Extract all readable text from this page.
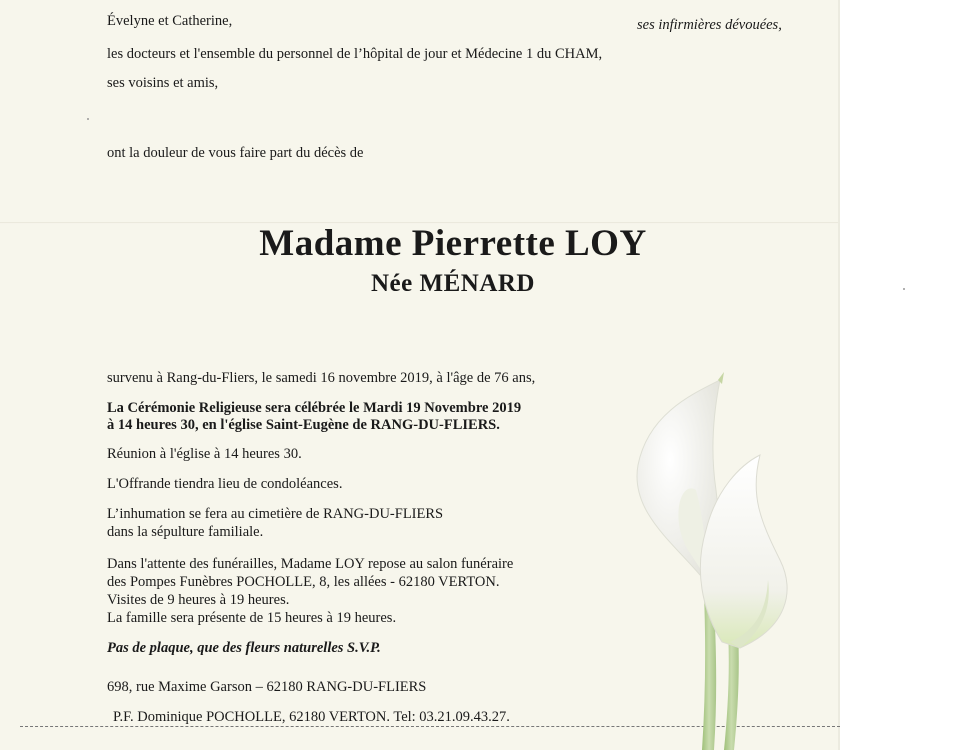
Évelyne et Catherine,	ses infirmières dévouées,
les docteurs et l'ensemble du personnel de l’hôpital de jour et Médecine 1 du CHAM,
ses voisins et amis,
ont la douleur de vous faire part du décès de
Madame Pierrette LOY
Née MÉNARD
survenu à Rang-du-Fliers, le samedi 16 novembre 2019, à l'âge de 76 ans,
La Cérémonie Religieuse sera célébrée le Mardi 19 Novembre 2019
à 14 heures 30, en l'église Saint-Eugène de RANG-DU-FLIERS.
Réunion à l'église à 14 heures 30.
L'Offrande tiendra lieu de condoléances.
L’inhumation se fera au cimetière de RANG-DU-FLIERS
dans la sépulture familiale.
Dans l'attente des funérailles, Madame LOY repose au salon funéraire
des Pompes Funèbres POCHOLLE, 8, les allées - 62180 VERTON.
Visites de 9 heures à 19 heures.
La famille sera présente de 15 heures à 19 heures.
Pas de plaque, que des fleurs naturelles S.V.P.
698, rue Maxime Garson – 62180 RANG-DU-FLIERS
P.F. Dominique POCHOLLE, 62180 VERTON. Tel: 03.21.09.43.27.
